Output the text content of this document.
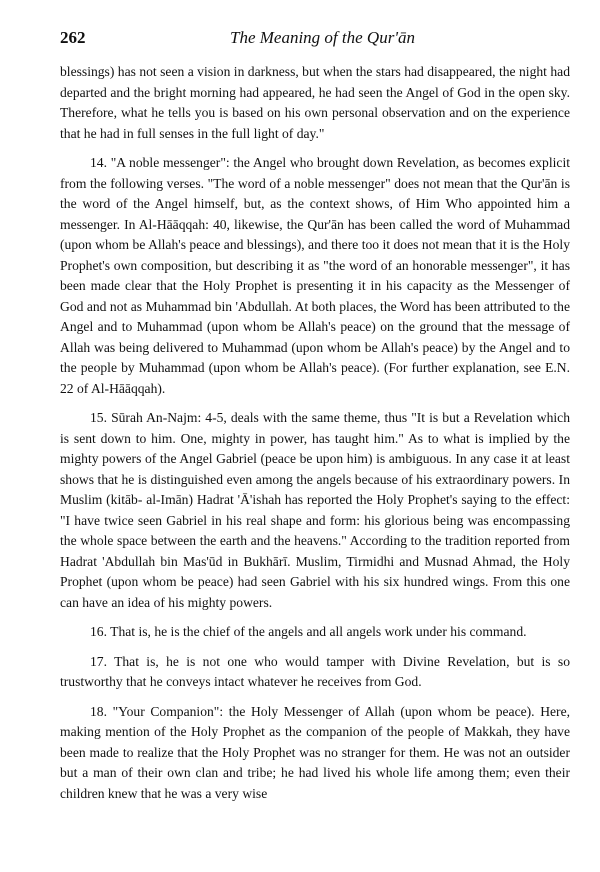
262	The Meaning of the Qur'ān

blessings) has not seen a vision in darkness, but when the stars had disappeared, the night had departed and the bright morning had appeared, he had seen the Angel of God in the open sky. Therefore, what he tells you is based on his own personal observation and on the experience that he had in full senses in the full light of day."

14. "A noble messenger": the Angel who brought down Revelation, as becomes explicit from the following verses. "The word of a noble messenger" does not mean that the Qur'ān is the word of the Angel himself, but, as the context shows, of Him Who appointed him a messenger. In Al-Hāāqqah: 40, likewise, the Qur'ān has been called the word of Muhammad (upon whom be Allah's peace and blessings), and there too it does not mean that it is the Holy Prophet's own composition, but describing it as "the word of an honorable messenger", it has been made clear that the Holy Prophet is presenting it in his capacity as the Messenger of God and not as Muhammad bin 'Abdullah. At both places, the Word has been attributed to the Angel and to Muhammad (upon whom be Allah's peace) on the ground that the message of Allah was being delivered to Muhammad (upon whom be Allah's peace) by the Angel and to the people by Muhammad (upon whom be Allah's peace). (For further explanation, see E.N. 22 of Al-Hāāqqah).

15. Sūrah An-Najm: 4-5, deals with the same theme, thus "It is but a Revelation which is sent down to him. One, mighty in power, has taught him." As to what is implied by the mighty powers of the Angel Gabriel (peace be upon him) is ambiguous. In any case it at least shows that he is distinguished even among the angels because of his extraordinary powers. In Muslim (kitāb- al-Imān) Hadrat 'Ā'ishah has reported the Holy Prophet's saying to the effect: "I have twice seen Gabriel in his real shape and form: his glorious being was encompassing the whole space between the earth and the heavens." According to the tradition reported from Hadrat 'Abdullah bin Mas'ūd in Bukhārī. Muslim, Tirmidhi and Musnad Ahmad, the Holy Prophet (upon whom be peace) had seen Gabriel with his six hundred wings. From this one can have an idea of his mighty powers.

16. That is, he is the chief of the angels and all angels work under his command.

17. That is, he is not one who would tamper with Divine Revelation, but is so trustworthy that he conveys intact whatever he receives from God.

18. "Your Companion": the Holy Messenger of Allah (upon whom be peace). Here, making mention of the Holy Prophet as the companion of the people of Makkah, they have been made to realize that the Holy Prophet was no stranger for them. He was not an outsider but a man of their own clan and tribe; he had lived his whole life among them; even their children knew that he was a very wise
